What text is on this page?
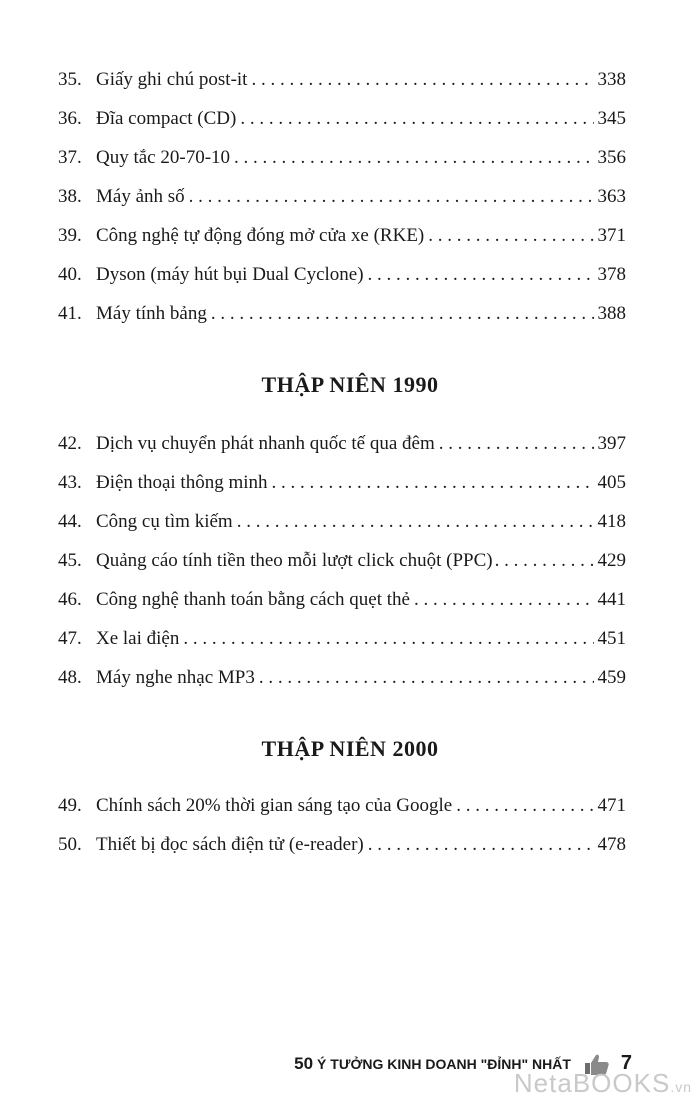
35. Giấy ghi chú post-it . . .	338
36. Đĩa compact (CD) . . .	345
37. Quy tắc 20-70-10 . . .	356
38. Máy ảnh số . . .	363
39. Công nghệ tự động đóng mở cửa xe (RKE) . . .	371
40. Dyson (máy hút bụi Dual Cyclone) . . .	378
41. Máy tính bảng . . .	388
THẬP NIÊN 1990
42. Dịch vụ chuyển phát nhanh quốc tế qua đêm . . .	397
43. Điện thoại thông minh . . .	405
44. Công cụ tìm kiếm . . .	418
45. Quảng cáo tính tiền theo mỗi lượt click chuột (PPC) . . .	429
46. Công nghệ thanh toán bằng cách quẹt thẻ . . .	441
47. Xe lai điện . . .	451
48. Máy nghe nhạc MP3 . . .	459
THẬP NIÊN 2000
49. Chính sách 20% thời gian sáng tạo của Google . . .	471
50. Thiết bị đọc sách điện tử (e-reader) . . .	478
50 Ý TƯỞNG KINH DOANH "ĐỈNH" NHẤT	7
NetaBOOKS.vn
